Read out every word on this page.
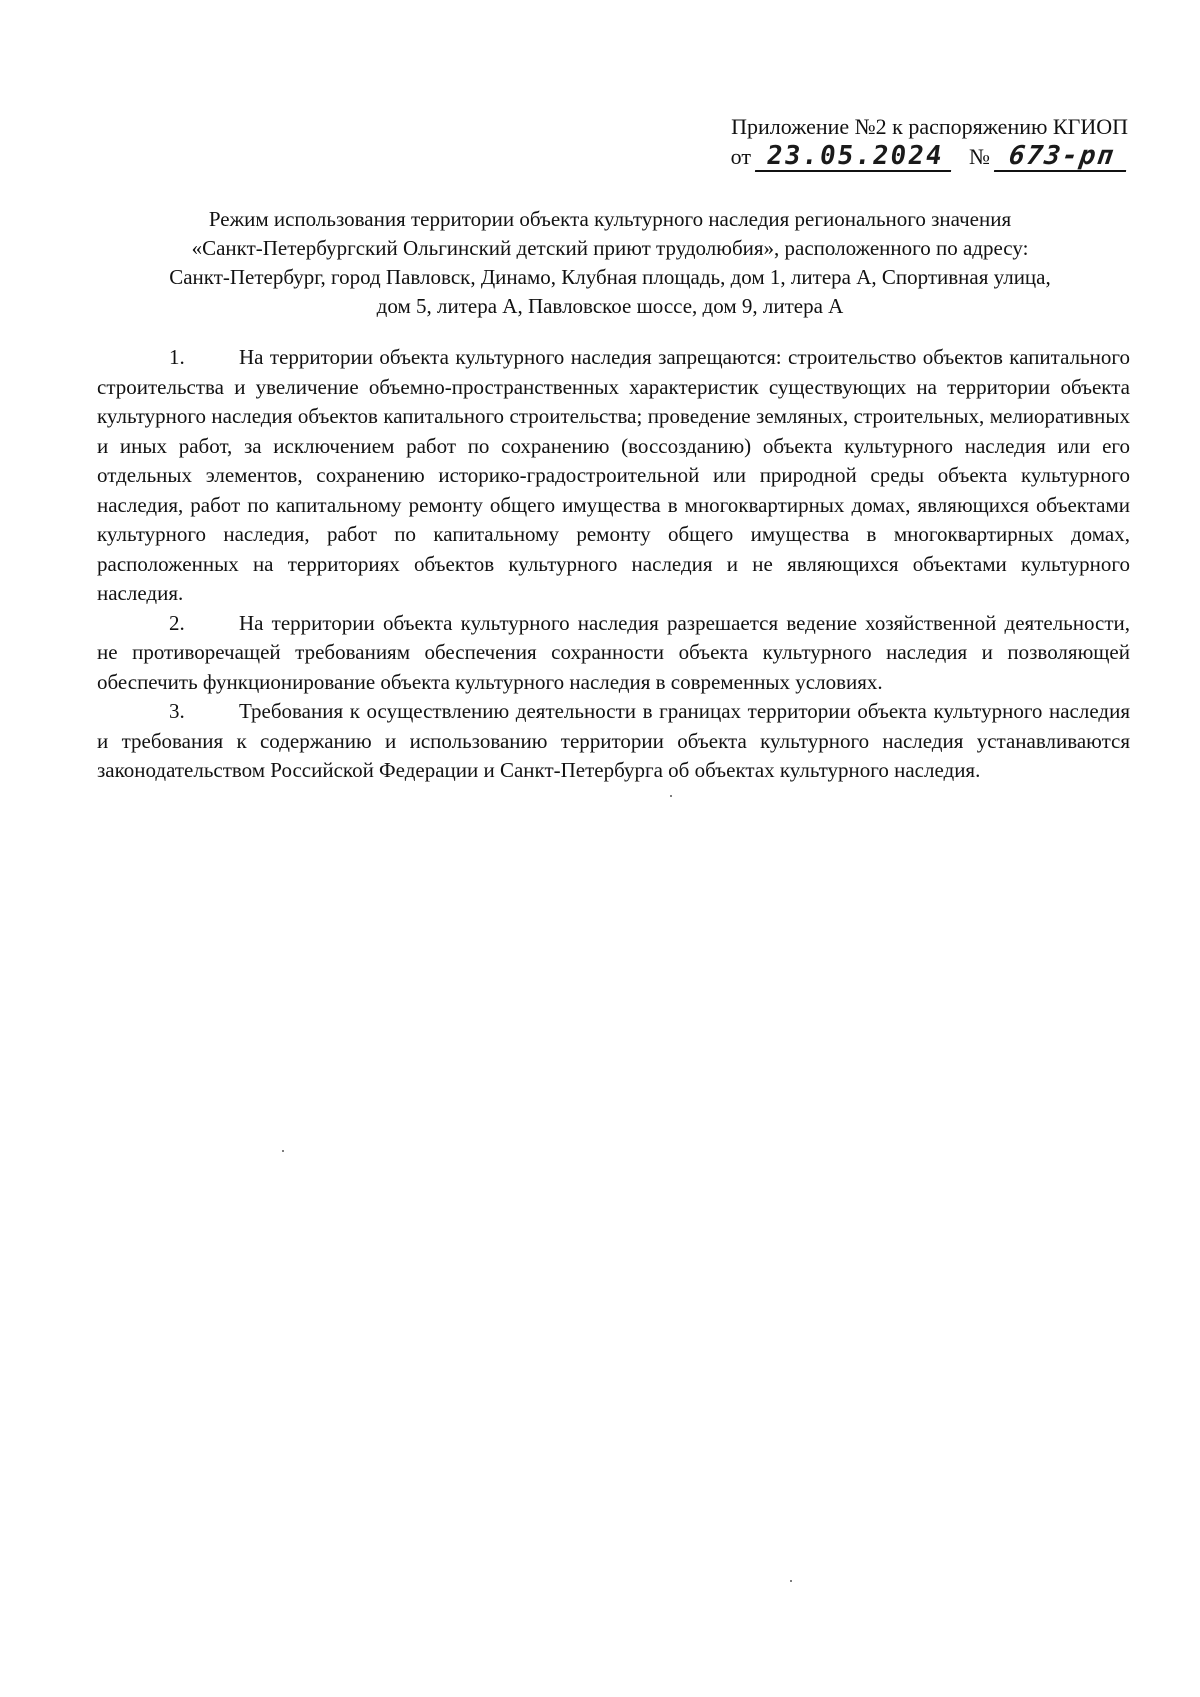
Приложение №2 к распоряжению КГИОП
от 23.05.2024	№ 673-рп
Режим использования территории объекта культурного наследия регионального значения
«Санкт-Петербургский Ольгинский детский приют трудолюбия», расположенного по адресу:
Санкт-Петербург, город Павловск, Динамо, Клубная площадь, дом 1, литера А, Спортивная улица,
дом 5, литера А, Павловское шоссе, дом 9, литера А

1.	На территории объекта культурного наследия запрещаются: строительство объектов капитального строительства и увеличение объемно-пространственных характеристик существующих на территории объекта культурного наследия объектов капитального строительства; проведение земляных, строительных, мелиоративных и иных работ, за исключением работ по сохранению (воссозданию) объекта культурного наследия или его отдельных элементов, сохранению историко-градостроительной или природной среды объекта культурного наследия, работ по капитальному ремонту общего имущества в многоквартирных домах, являющихся объектами культурного наследия, работ по капитальному ремонту общего имущества в многоквартирных домах, расположенных на территориях объектов культурного наследия и не являющихся объектами культурного наследия.

2.	На территории объекта культурного наследия разрешается ведение хозяйственной деятельности, не противоречащей требованиям обеспечения сохранности объекта культурного наследия и позволяющей обеспечить функционирование объекта культурного наследия в современных условиях.

3.	Требования к осуществлению деятельности в границах территории объекта культурного наследия и требования к содержанию и использованию территории объекта культурного наследия устанавливаются законодательством Российской Федерации и Санкт-Петербурга об объектах культурного наследия.
